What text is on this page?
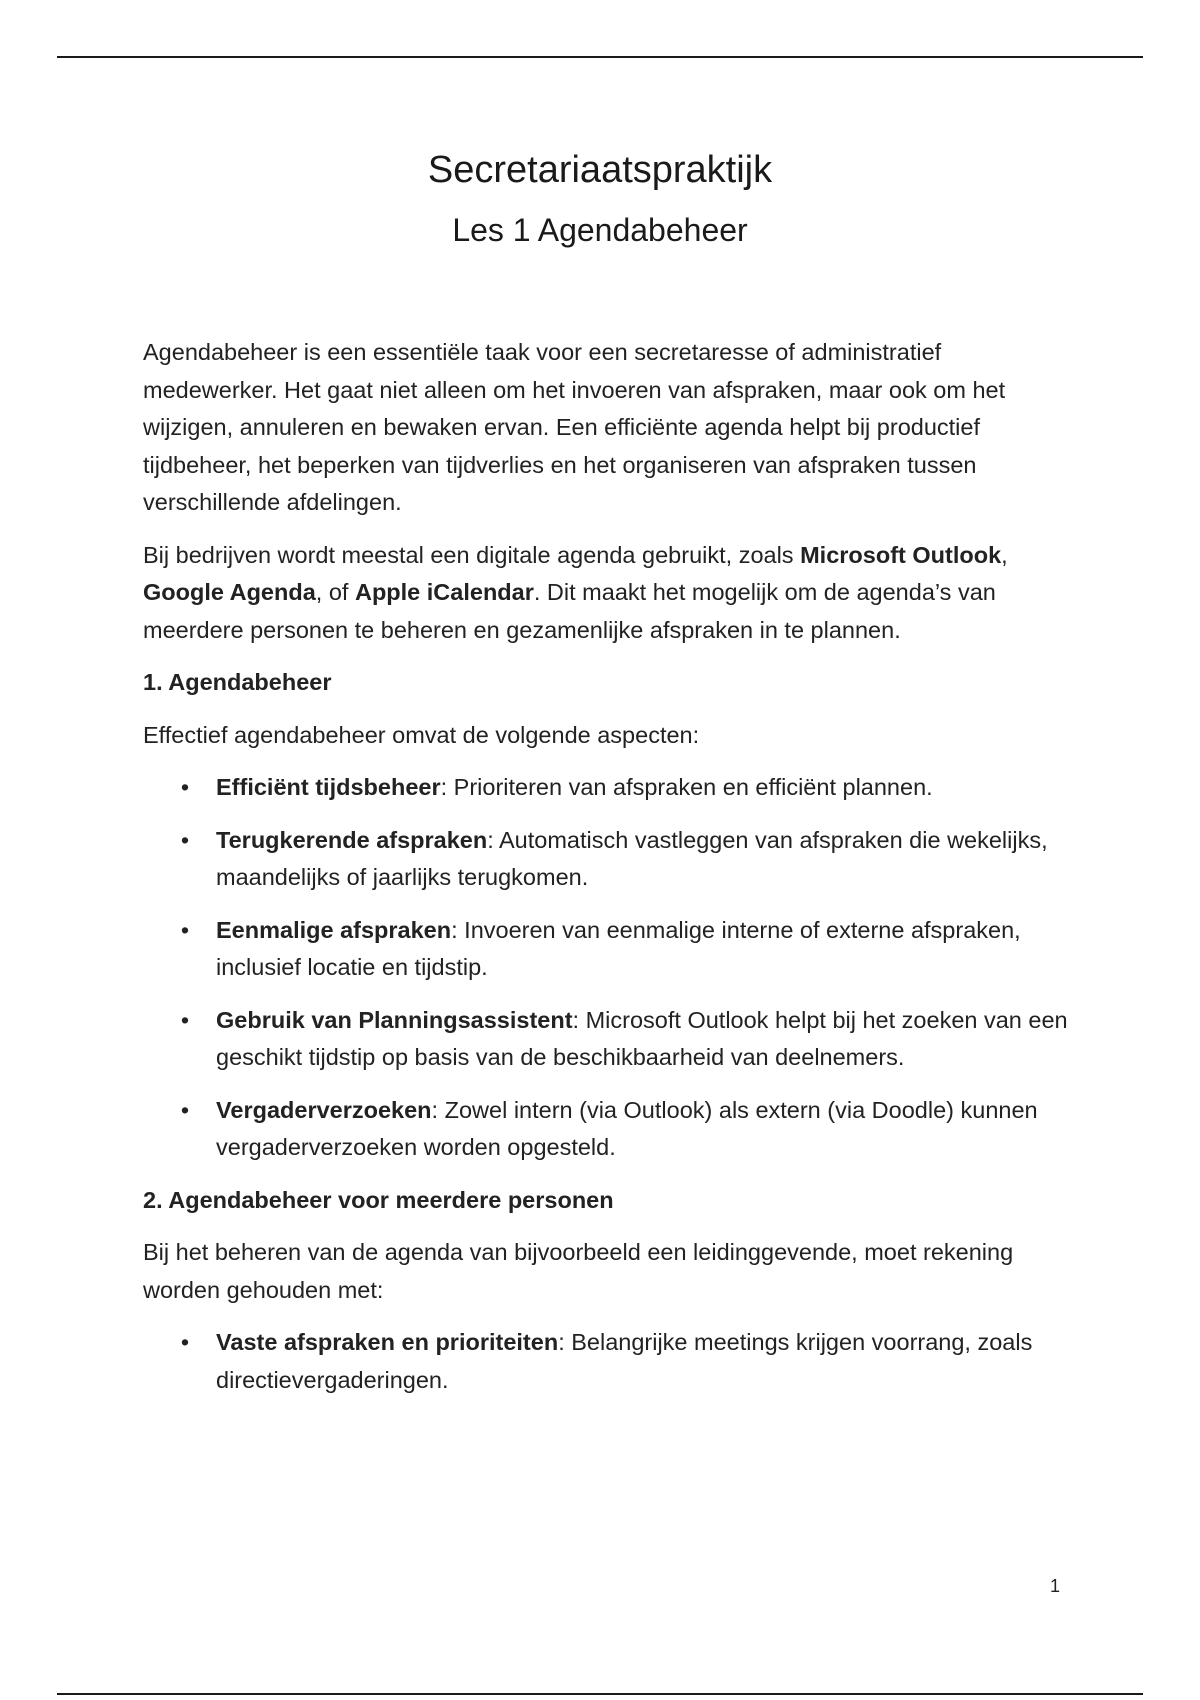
Secretariaatspraktijk
Les 1 Agendabeheer

Agendabeheer is een essentiële taak voor een secretaresse of administratief medewerker. Het gaat niet alleen om het invoeren van afspraken, maar ook om het wijzigen, annuleren en bewaken ervan. Een efficiënte agenda helpt bij productief tijdbeheer, het beperken van tijdverlies en het organiseren van afspraken tussen verschillende afdelingen.

Bij bedrijven wordt meestal een digitale agenda gebruikt, zoals Microsoft Outlook, Google Agenda, of Apple iCalendar. Dit maakt het mogelijk om de agenda’s van meerdere personen te beheren en gezamenlijke afspraken in te plannen.

1. Agendabeheer

Effectief agendabeheer omvat de volgende aspecten:

• Efficiënt tijdsbeheer: Prioriteren van afspraken en efficiënt plannen.
• Terugkerende afspraken: Automatisch vastleggen van afspraken die wekelijks, maandelijks of jaarlijks terugkomen.
• Eenmalige afspraken: Invoeren van eenmalige interne of externe afspraken, inclusief locatie en tijdstip.
• Gebruik van Planningsassistent: Microsoft Outlook helpt bij het zoeken van een geschikt tijdstip op basis van de beschikbaarheid van deelnemers.
• Vergaderverzoeken: Zowel intern (via Outlook) als extern (via Doodle) kunnen vergaderverzoeken worden opgesteld.

2. Agendabeheer voor meerdere personen

Bij het beheren van de agenda van bijvoorbeeld een leidinggevende, moet rekening worden gehouden met:

• Vaste afspraken en prioriteiten: Belangrijke meetings krijgen voorrang, zoals directievergaderingen.
1
